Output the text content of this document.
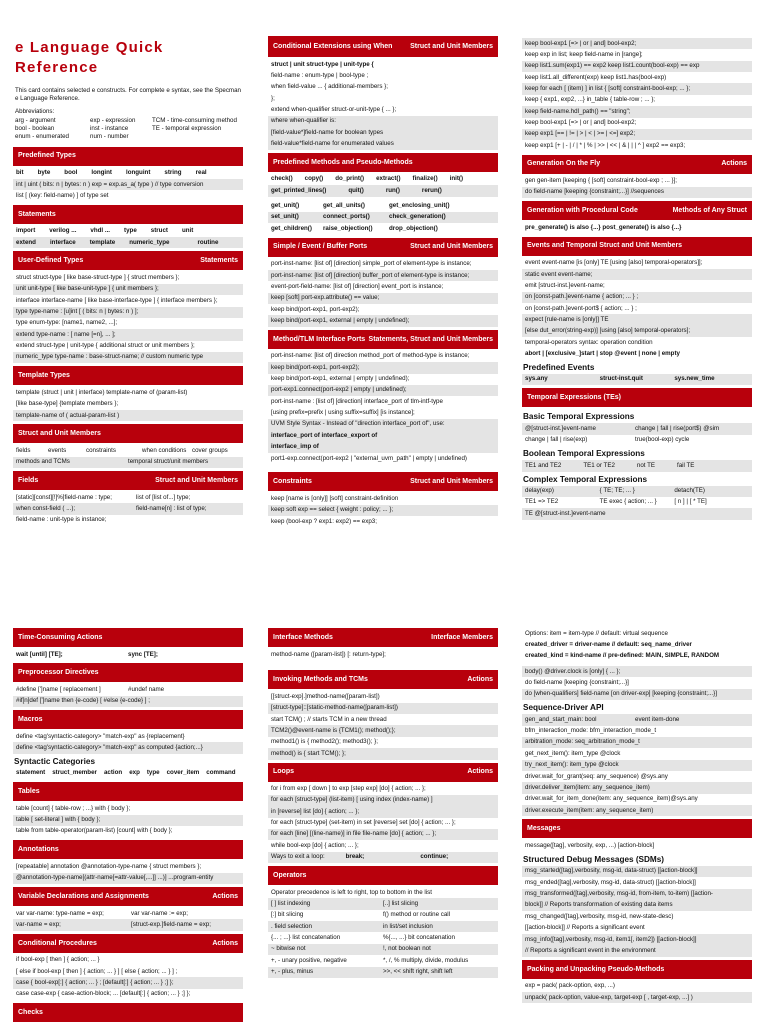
e Language Quick Reference
This card contains selected e constructs. For complete e syntax, see the Specman e Language Reference.
Abbreviations:
arg - argument	exp - expression	TCM - time-consuming method
bool - boolean	inst - instance	TE - temporal expression
enum - enumerated	num - number
Predefined Types
bit byte bool longint longuint string real
int | uint ( bits: n | bytes: n ) exp = exp.as_a( type ) // type conversion
list [ (key: field-name) ] of type set
Statements
import verilog ... vhdl ... type struct unit
extend interface template numeric_type	routine
User-Defined Types	Statements
struct struct-type [ like base-struct-type ] { struct members };
unit unit-type [ like base-unit-type ] { unit members };
interface interface-name [ like base-interface-type ] { interface members };
type type-name : [u]int [ ( bits: n | bytes: n ) ];
type enum-type: [name1, name2, ...];
extend type-name : [ name [=n], ... ];
extend struct-type | unit-type { additional struct or unit members };
numeric_type type-name : base-struct-name; // custom numeric type
Template Types
template (struct | unit | interface) template-name of (param-list)
[like base-type] {template members };
template-name of ( actual-param-list )
Struct and Unit Members
fields	events	constraints	when conditions cover groups
methods and TCMs	temporal struct/unit members
Fields	Struct and Unit Members
[static][const][!]%]field-name : type;	list of [list of...] type;
when const-field ( ...);	field-name[n] : list of type;
field-name : unit-type is instance;
Conditional Extensions using When	Struct and Unit Members
struct | unit struct-type | unit-type {
field-name : enum-type | bool-type ;
when field-value ... { additional-members };
};
extend when-qualifier struct-or-unit-type { ... };
where when-qualifier is:
[field-value*]field-name for boolean types
field-value*field-name for enumerated values
Predefined Methods and Pseudo-Methods
check() copy() do_print() extract() finalize() init()
get_printed_lines()	quit()	run()	rerun()
get_unit()	get_all_units()	get_enclosing_unit()
set_unit()	connect_ports()	check_generation()
get_children()	raise_objection()	drop_objection()
Simple / Event / Buffer Ports	Struct and Unit Members
port-inst-name: [list of] [direction] simple_port of element-type is instance;
port-inst-name: [list of] [direction] buffer_port of element-type is instance;
event-port-field-name: [list of] [direction] event_port is instance;
keep [soft] port-exp.attribute() == value;
keep bind(port-exp1, port-exp2);
keep bind(port-exp1, external | empty | undefined);
Method/TLM Interface Ports Statements, Struct and Unit Members
port-inst-name: [list of] direction method_port of method-type is instance;
keep bind(port-exp1, port-exp2);
keep bind(port-exp1, external | empty | undefined);
port-exp1.connect(port-exp2 | empty | undefined);
port-inst-name : [list of] [direction] interface_port of tlm-intf-type
[using prefix=prefix | using suffix=suffix] [is instance];
UVM Style Syntax - Instead of "direction interface_port of", use:
interface_port of interface_export of
interface_imp of
port1-exp.connect(port-exp2 | "external_uvm_path" | empty | undefined)
Constraints	Struct and Unit Members
keep [name is [only]] [soft] constraint-definition
keep soft exp == select { weight : policy; ... };
keep (bool-exp ? exp1: exp2) == exp3;
keep bool-exp1 [=> | or | and] bool-exp2;
keep exp in list; keep field-name in [range];
keep list1.sum(exp1) == exp2 keep list1.count(bool-exp) == exp
keep list1.all_different(exp) keep list1.has(bool-exp)
keep for each [ (item) ] in list { [soft] constraint-bool-exp; ... };
keep { exp1, exp2, ...} in_table { table-row ; ... };
keep field-name.hdl_path() == "string";
keep bool-exp1 [=> | or | and] bool-exp2;
keep exp1 [== | != | > | < | >= | <=] exp2;
keep exp1 [+ | - | / | * | % | >> | << | & | | | ^ ] exp2 == exp3;
Generation On the Fly	Actions
gen gen-item [keeping { [soft] constraint-bool-exp ; ... }];
do field-name [keeping {constraint;...}] //sequences
Generation with Procedural Code	Methods of Any Struct
pre_generate() is also {...} post_generate() is also {...}
Events and Temporal Struct and Unit Members
event event-name [is [only] TE [using [also] temporal-operators]];
static event event-name;
emit [struct-inst.]event-name;
on [const-path.]event-name { action; ... } ;
on [const-path.]event-port$ { action; ... } ;
expect [rule-name is [only]] TE
[else dut_error(string-exp)] [using [also] temporal-operators];
temporal-operators syntax: operation condition
abort | [exclusive_]start | stop @event | none | empty
Predefined Events
sys.any	struct-inst.quit	sys.new_time
Temporal Expressions (TEs)
Basic Temporal Expressions
@[struct-inst.]event-name	change | fall | rise(port$) @sim
change | fall | rise(exp)	true(bool-exp) cycle
Boolean Temporal Expressions
TE1 and TE2	TE1 or TE2	not TE	fail TE
Complex Temporal Expressions
delay(exp)	{ TE; TE; ... }	detach(TE)
TE1 => TE2	TE exec { action; ... }	[ n ] | [ * TE]
TE @[struct-inst.]event-name
Time-Consuming Actions
wait [until] [TE];	sync [TE];
Preprocessor Directives
#define [']name [ replacement ]	#undef name
#if[n]def [']name then {e-code} [ #else {e-code} ] ;
Macros
define <tag'syntactic-category> "match-exp" as {replacement}
define <tag'syntactic-category> "match-exp" as computed {action;...}
Syntactic Categories
statement struct_member action exp type cover_item command
Tables
table [count] { table-row ; ...} with { body };
table [ set-literal ] with { body };
table from table-operator(param-list) [count] with { body };
Annotations
[repeatable] annotation @annotation-type-name { struct members };
@annotation-type-name[(attr-name[=attr-value[,...]] ...)] ...program-entity
Variable Declarations and Assignments	Actions
var var-name: type-name = exp;	var var-name := exp;
var-name = exp;	[struct-exp.]field-name = exp;
Conditional Procedures	Actions
if bool-exp [ then ] { action; ... }
[ else if bool-exp [ then ] { action; ... } ] [ else { action; ... } ] ;
case { bool-exp[:] { action; ... } ; [default[:] { action; ... } ;] };
case case-exp { case-action-block; ... [default[:] { action; ... } ;] };
Checks
Interface Methods	Interface Members
method-name ([param-list]) [: return-type];
Invoking Methods and TCMs	Actions
[[struct-exp].]method-name([param-list])
[struct-type]::[static-method-name([param-list])
start TCM() ; // starts TCM in a new thread
TCM2()@event-name is {TCM1(); method();};
method1() is { method2(); method3(); };
method() is { start TCM(); };
Loops	Actions
for i from exp [ down ] to exp [step exp] [do] { action; ... };
for each [struct-type] (list-item) [ using index (index-name) ]
in [reverse] list [do] { action; ... };
for each [struct-type] (set-item) in set [reverse] set [do] { action; ... };
for each [line] [(line-name)] in file file-name [do] { action; ... };
while bool-exp [do] { action; ... };
Ways to exit a loop:	break;	continue;
Operators
Operator precedence is left to right, top to bottom in the list
[ ] list indexing	[..] list slicing
[:] bit slicing	f() method or routine call
. field selection	in list/set inclusion
{... ; ...} list concatenation	%{..., ...} bit concatenation
~ bitwise not	!, not boolean not
+, - unary positive, negative	*, /, % multiply, divide, modulus
+, - plus, minus	>>, << shift right, shift left
Options: item = item-type // default: virtual sequence
created_driver = driver-name // default: seq_name_driver
created_kind = kind-name // pre-defined: MAIN, SIMPLE, RANDOM
body() @driver.clock is [only] { ... };
do field-name [keeping {constraint;...}]
do [when-qualifiers] field-name [on driver-exp] [keeping {constraint;...}]
Sequence-Driver API
gen_and_start_main: bool	event item-done
bfm_interaction_mode: bfm_interaction_mode_t
arbitration_mode: seq_arbitration_mode_t
get_next_item(): item_type @clock
try_next_item(): item_type @clock
driver.wait_for_grant(seq: any_sequence) @sys.any
driver.deliver_item(item: any_sequence_item)
driver.wait_for_item_done(item: any_sequence_item)@sys.any
driver.execute_item(item: any_sequence_item)
Messages
message([tag], verbosity, exp, ...) [action-block]
Structured Debug Messages (SDMs)
msg_started([tag],verbosity, msg-id, data-struct) [[action-block]]
msg_ended([tag],verbosity, msg-id, data-struct) [[action-block]]
msg_transformed([tag],verbosity, msg-id, from-item, to-item) [[action-
block]] // Reports transformation of existing data items
msg_changed([tag],verbosity, msg-id, new-state-desc)
[[action-block]] // Reports a significant event
msg_info([tag],verbosity, msg-id, item1[, item2]) [[action-block]]
// Reports a significant event in the environment
Packing and Unpacking Pseudo-Methods
exp = pack( pack-option, exp, ...)
unpack( pack-option, value-exp, target-exp [ , target-exp, ...] )
